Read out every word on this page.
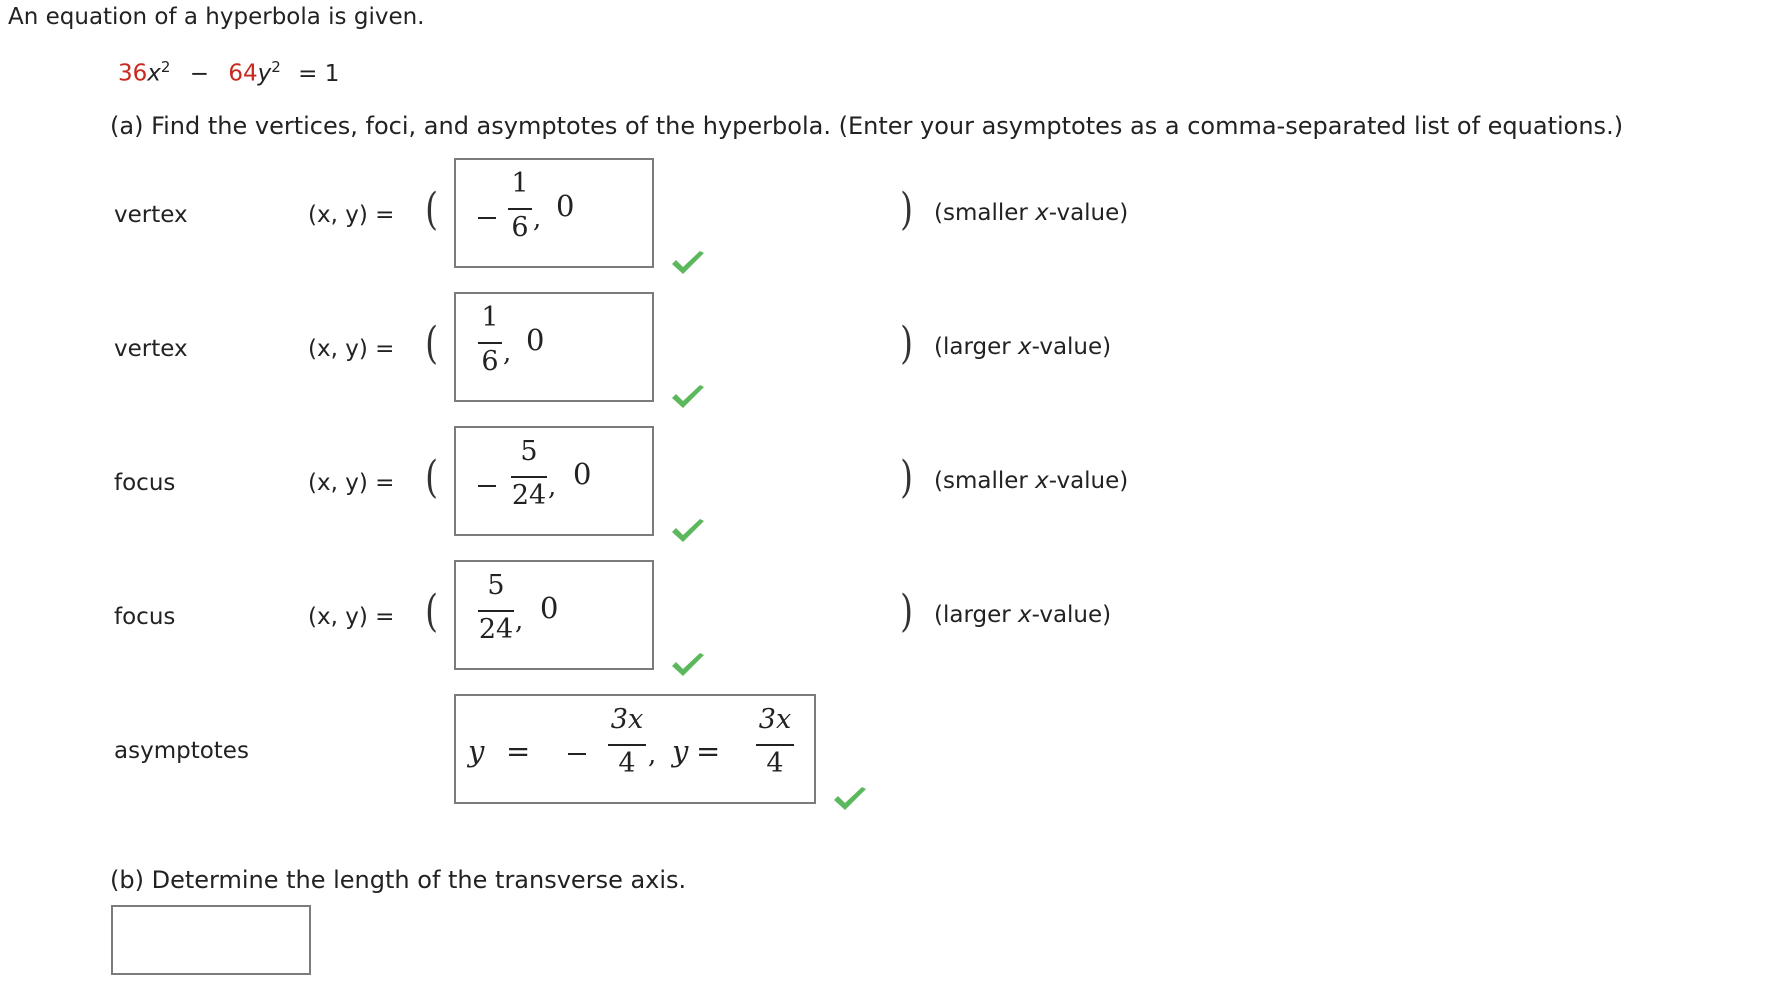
An equation of a hyperbola is given.
$36x^2 - 64y^2 = 1$
(a) Find the vertices, foci, and asymptotes of the hyperbola. (Enter your asymptotes as a comma-separated list of equations.)
vertex	(x, y) = (
1
6 , 0	) (smaller x-value)
vertex	(x, y) = (
1
6 , 0	) (larger x-value)
focus	(x, y) = (
5
24 , 0	) (smaller x-value)
focus	(x, y) = (
5
24 , 0	) (larger x-value)
asymptotes	y =
3x
4 , y =
3x
4
(b) Determine the length of the transverse axis.
